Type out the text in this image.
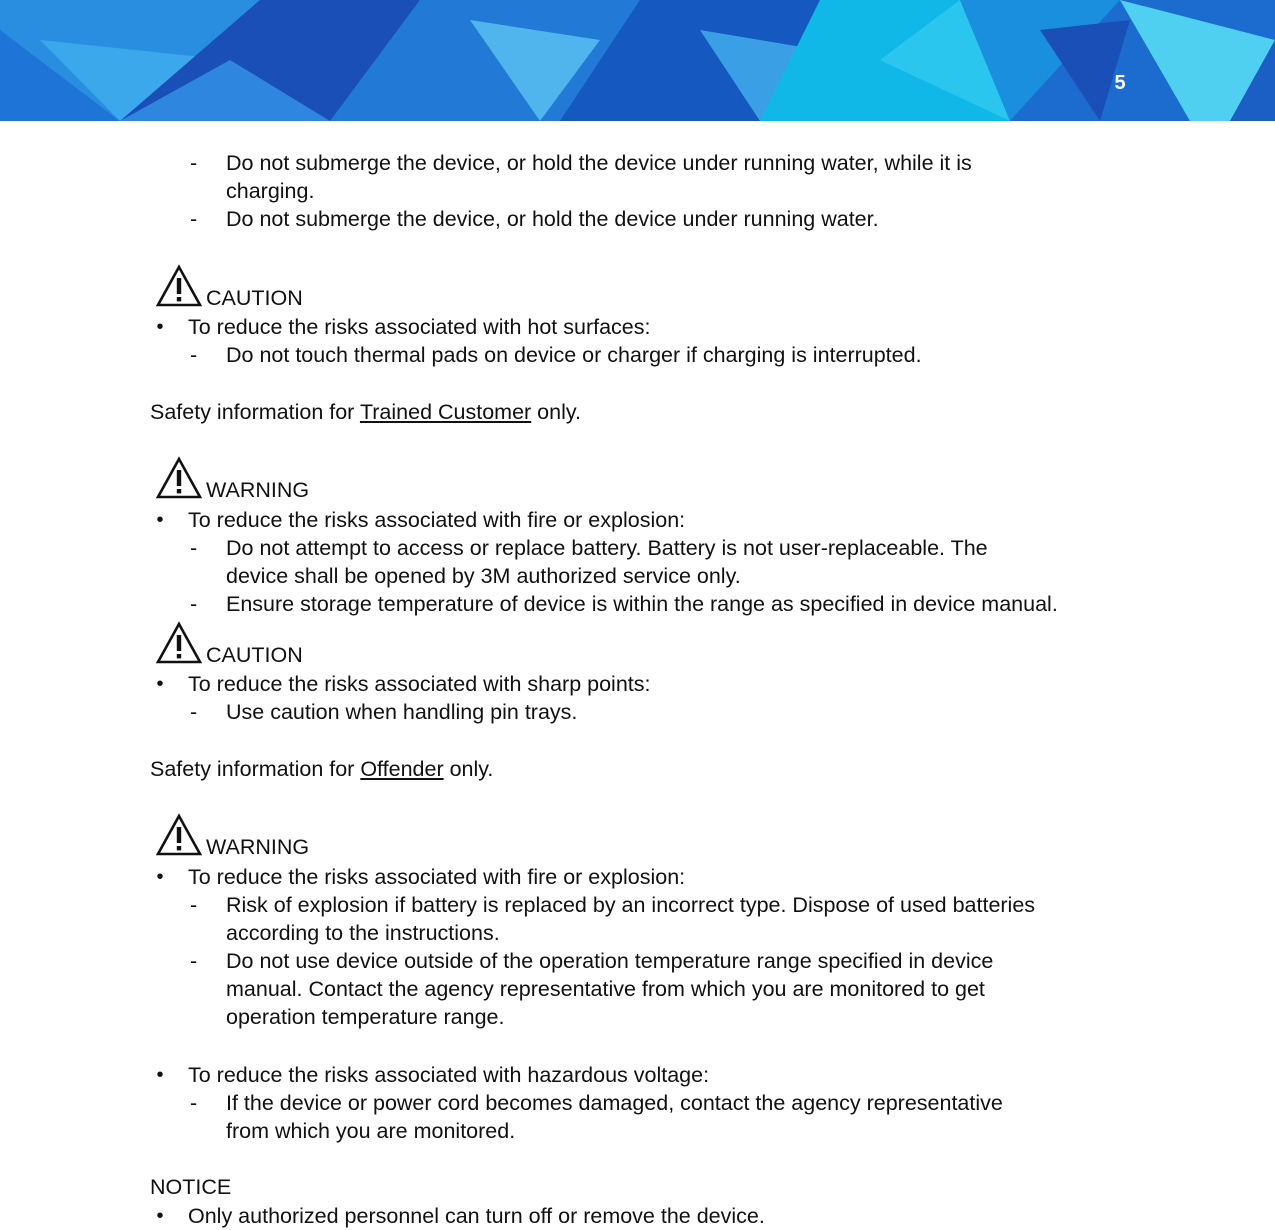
5
-	Do not submerge the device, or hold the device under running water, while it is
charging.
-	Do not submerge the device, or hold the device under running water.
CAUTION
• To reduce the risks associated with hot surfaces:
-	Do not touch thermal pads on device or charger if charging is interrupted.
Safety information for Trained Customer only.
WARNING
• To reduce the risks associated with fire or explosion:
-	Do not attempt to access or replace battery. Battery is not user-replaceable. The
device shall be opened by 3M authorized service only.
-	Ensure storage temperature of device is within the range as specified in device manual.
CAUTION
• To reduce the risks associated with sharp points:
-	Use caution when handling pin trays.
Safety information for Offender only.
WARNING
• To reduce the risks associated with fire or explosion:
-	Risk of explosion if battery is replaced by an incorrect type. Dispose of used batteries
according to the instructions.
-	Do not use device outside of the operation temperature range specified in device
manual. Contact the agency representative from which you are monitored to get
operation temperature range.
• To reduce the risks associated with hazardous voltage:
-	If the device or power cord becomes damaged, contact the agency representative
from which you are monitored.
NOTICE
• Only authorized personnel can turn off or remove the device.
